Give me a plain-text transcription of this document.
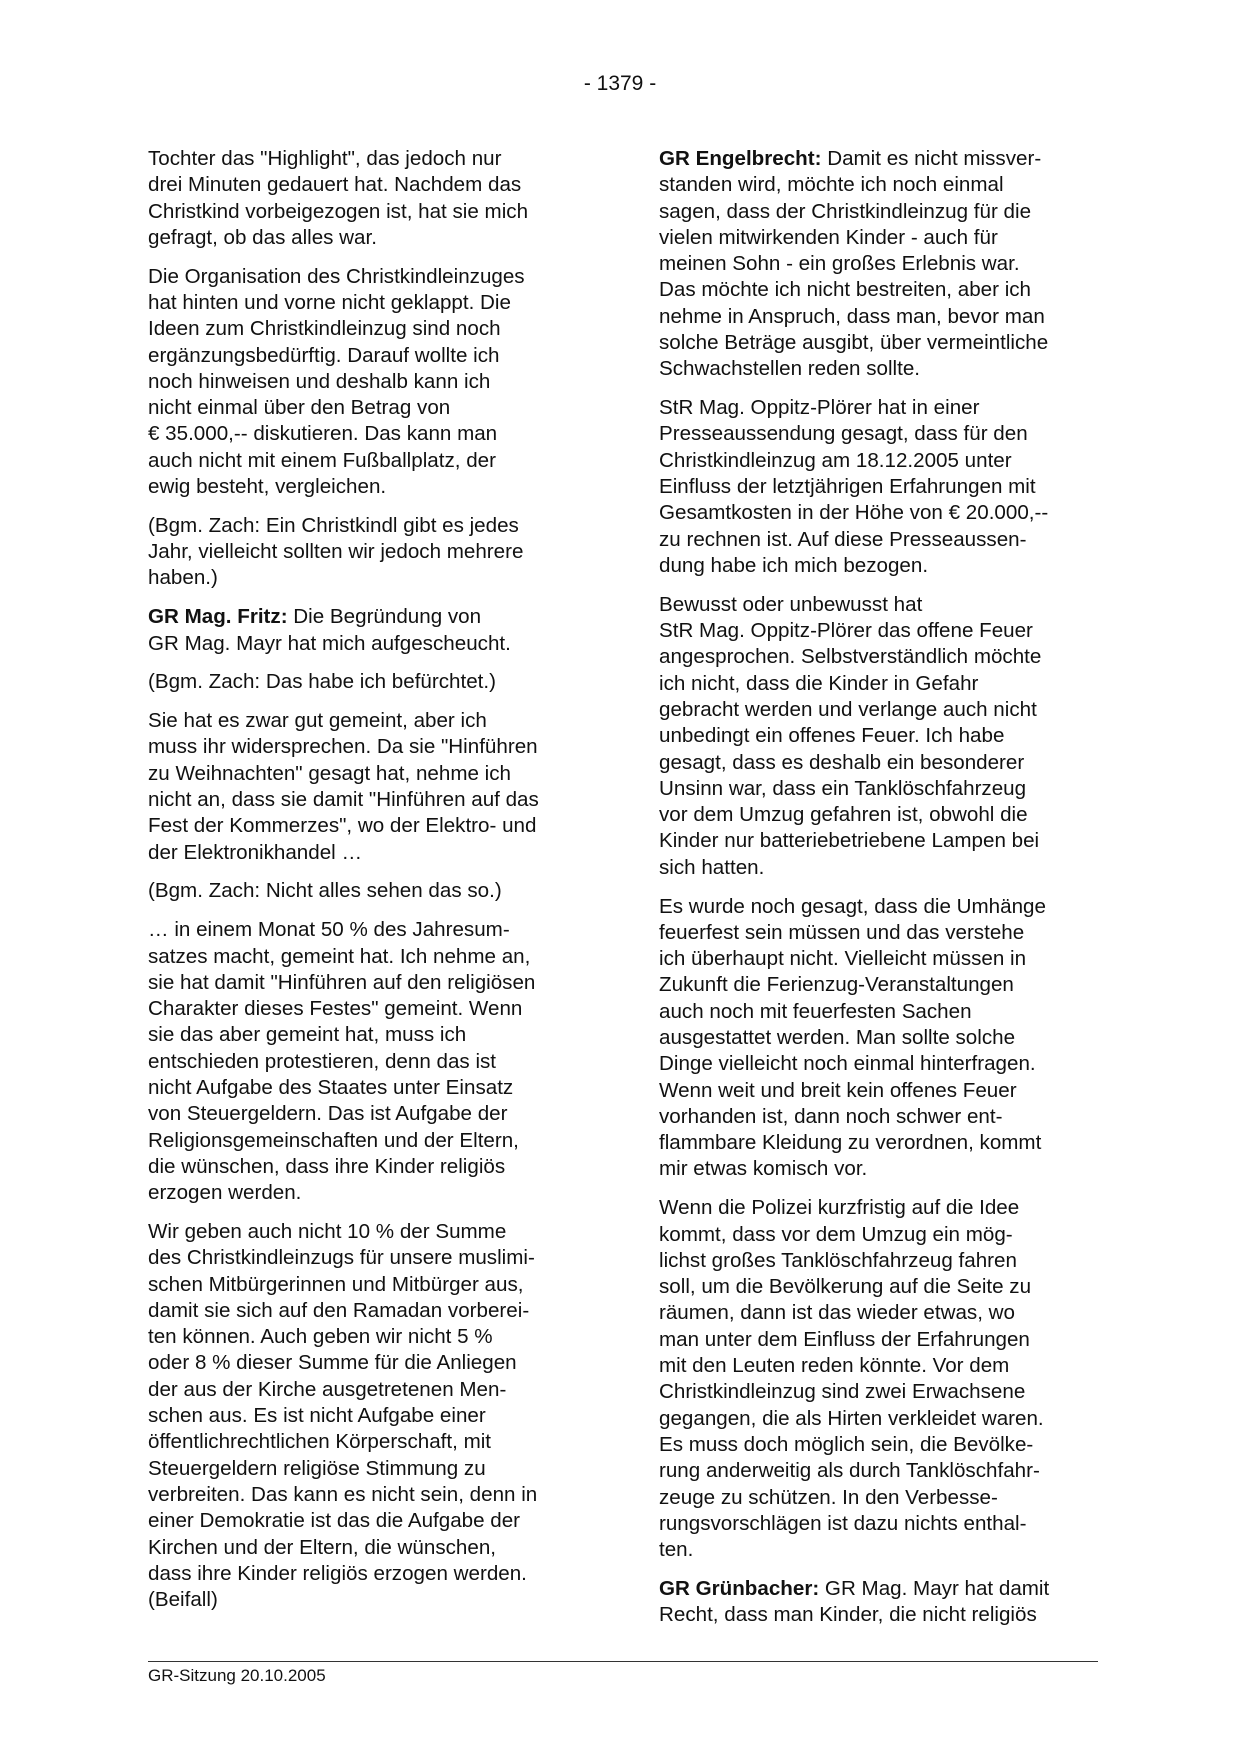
- 1379 -

Tochter das "Highlight", das jedoch nur
drei Minuten gedauert hat. Nachdem das
Christkind vorbeigezogen ist, hat sie mich
gefragt, ob das alles war.

Die Organisation des Christkindleinzuges
hat hinten und vorne nicht geklappt. Die
Ideen zum Christkindleinzug sind noch
ergänzungsbedürftig. Darauf wollte ich
noch hinweisen und deshalb kann ich
nicht einmal über den Betrag von
€ 35.000,-- diskutieren. Das kann man
auch nicht mit einem Fußballplatz, der
ewig besteht, vergleichen.

(Bgm. Zach: Ein Christkindl gibt es jedes
Jahr, vielleicht sollten wir jedoch mehrere
haben.)

GR Mag. Fritz: Die Begründung von
GR Mag. Mayr hat mich aufgescheucht.

(Bgm. Zach: Das habe ich befürchtet.)

Sie hat es zwar gut gemeint, aber ich
muss ihr widersprechen. Da sie "Hinführen
zu Weihnachten" gesagt hat, nehme ich
nicht an, dass sie damit "Hinführen auf das
Fest der Kommerzes", wo der Elektro- und
der Elektronikhandel …

(Bgm. Zach: Nicht alles sehen das so.)

… in einem Monat 50 % des Jahresum-
satzes macht, gemeint hat. Ich nehme an,
sie hat damit "Hinführen auf den religiösen
Charakter dieses Festes" gemeint. Wenn
sie das aber gemeint hat, muss ich
entschieden protestieren, denn das ist
nicht Aufgabe des Staates unter Einsatz
von Steuergeldern. Das ist Aufgabe der
Religionsgemeinschaften und der Eltern,
die wünschen, dass ihre Kinder religiös
erzogen werden.

Wir geben auch nicht 10 % der Summe
des Christkindleinzugs für unsere muslimi-
schen Mitbürgerinnen und Mitbürger aus,
damit sie sich auf den Ramadan vorberei-
ten können. Auch geben wir nicht 5 %
oder 8 % dieser Summe für die Anliegen
der aus der Kirche ausgetretenen Men-
schen aus. Es ist nicht Aufgabe einer
öffentlichrechtlichen Körperschaft, mit
Steuergeldern religiöse Stimmung zu
verbreiten. Das kann es nicht sein, denn in
einer Demokratie ist das die Aufgabe der
Kirchen und der Eltern, die wünschen,
dass ihre Kinder religiös erzogen werden.
(Beifall)

GR Engelbrecht: Damit es nicht missver-
standen wird, möchte ich noch einmal
sagen, dass der Christkindleinzug für die
vielen mitwirkenden Kinder - auch für
meinen Sohn - ein großes Erlebnis war.
Das möchte ich nicht bestreiten, aber ich
nehme in Anspruch, dass man, bevor man
solche Beträge ausgibt, über vermeintliche
Schwachstellen reden sollte.

StR Mag. Oppitz-Plörer hat in einer
Presseaussendung gesagt, dass für den
Christkindleinzug am 18.12.2005 unter
Einfluss der letztjährigen Erfahrungen mit
Gesamtkosten in der Höhe von € 20.000,--
zu rechnen ist. Auf diese Presseaussen-
dung habe ich mich bezogen.

Bewusst oder unbewusst hat
StR Mag. Oppitz-Plörer das offene Feuer
angesprochen. Selbstverständlich möchte
ich nicht, dass die Kinder in Gefahr
gebracht werden und verlange auch nicht
unbedingt ein offenes Feuer. Ich habe
gesagt, dass es deshalb ein besonderer
Unsinn war, dass ein Tanklöschfahrzeug
vor dem Umzug gefahren ist, obwohl die
Kinder nur batteriebetriebene Lampen bei
sich hatten.

Es wurde noch gesagt, dass die Umhänge
feuerfest sein müssen und das verstehe
ich überhaupt nicht. Vielleicht müssen in
Zukunft die Ferienzug-Veranstaltungen
auch noch mit feuerfesten Sachen
ausgestattet werden. Man sollte solche
Dinge vielleicht noch einmal hinterfragen.
Wenn weit und breit kein offenes Feuer
vorhanden ist, dann noch schwer ent-
flammbare Kleidung zu verordnen, kommt
mir etwas komisch vor.

Wenn die Polizei kurzfristig auf die Idee
kommt, dass vor dem Umzug ein mög-
lichst großes Tanklöschfahrzeug fahren
soll, um die Bevölkerung auf die Seite zu
räumen, dann ist das wieder etwas, wo
man unter dem Einfluss der Erfahrungen
mit den Leuten reden könnte. Vor dem
Christkindleinzug sind zwei Erwachsene
gegangen, die als Hirten verkleidet waren.
Es muss doch möglich sein, die Bevölke-
rung anderweitig als durch Tanklöschfahr-
zeuge zu schützen. In den Verbesse-
rungsvorschlägen ist dazu nichts enthal-
ten.

GR Grünbacher: GR Mag. Mayr hat damit
Recht, dass man Kinder, die nicht religiös

GR-Sitzung 20.10.2005
